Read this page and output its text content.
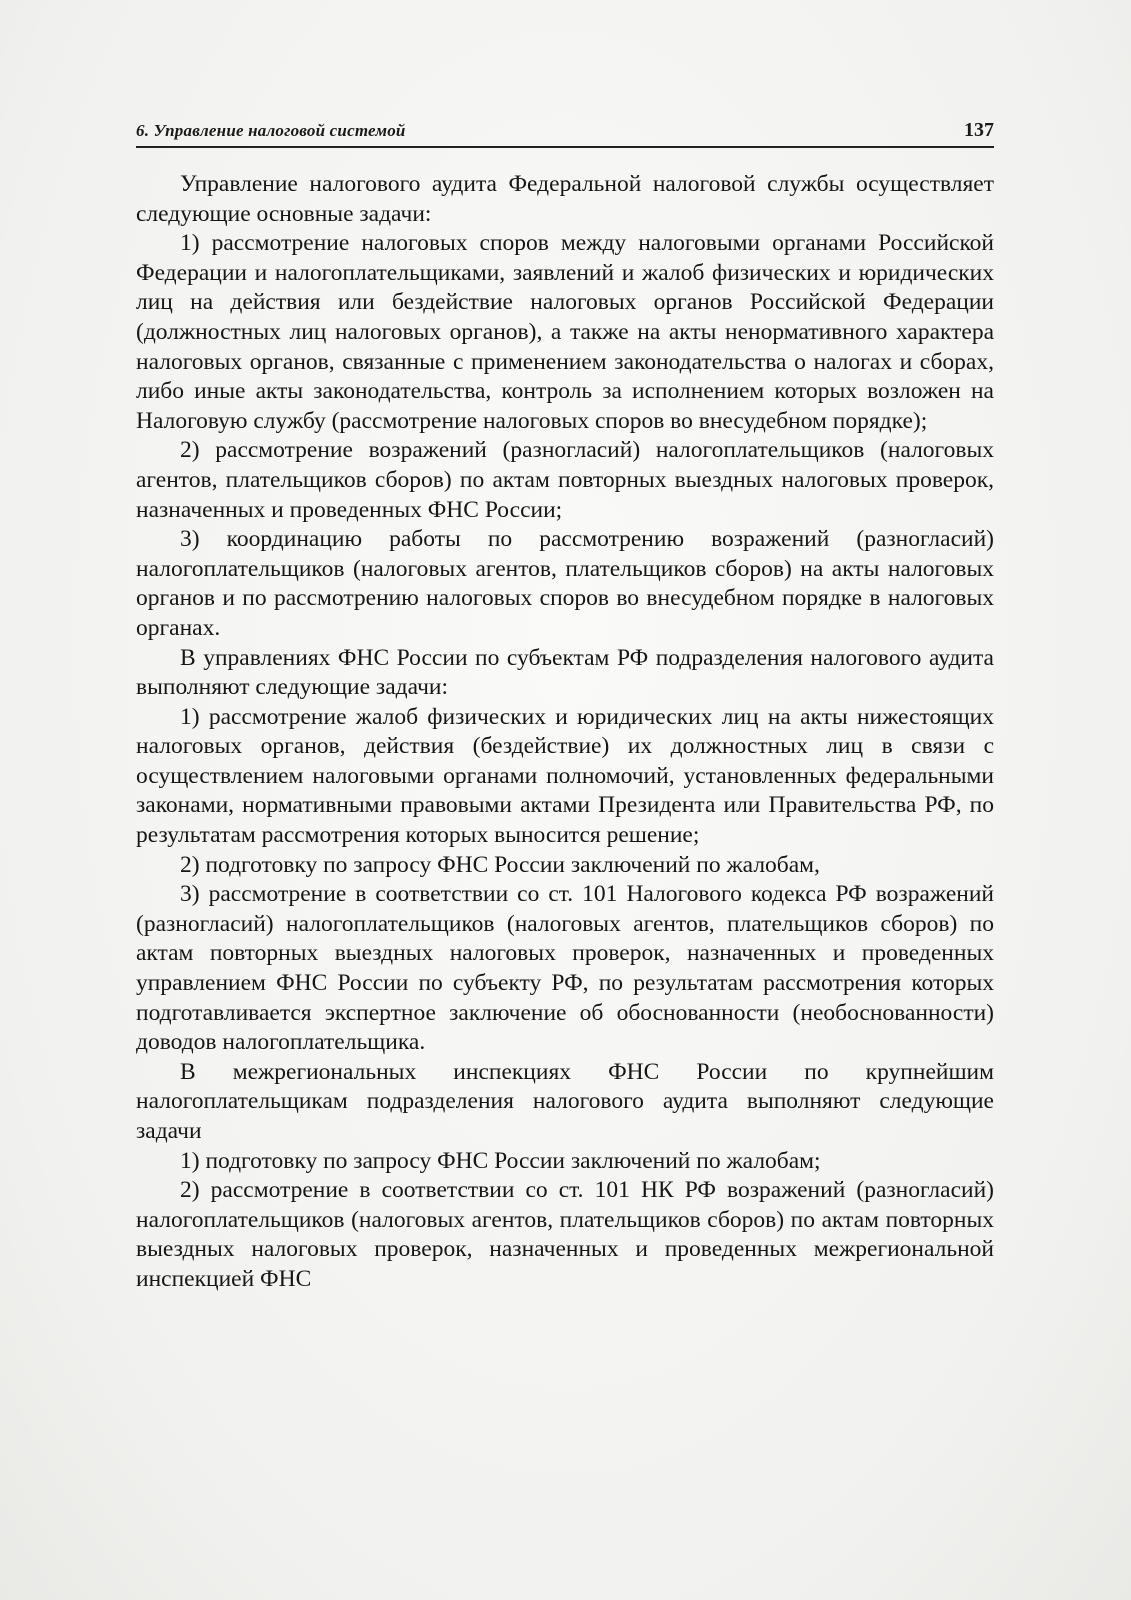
6. Управление налоговой системой	137

Управление налогового аудита Федеральной налоговой службы осуществляет следующие основные задачи:

1) рассмотрение налоговых споров между налоговыми органами Российской Федерации и налогоплательщиками, заявлений и жалоб физических и юридических лиц на действия или бездействие налоговых органов Российской Федерации (должностных лиц налоговых органов), а также на акты ненормативного характера налоговых органов, связанные с применением законодательства о налогах и сборах, либо иные акты законодательства, контроль за исполнением которых возложен на Налоговую службу (рассмотрение налоговых споров во внесудебном порядке);

2) рассмотрение возражений (разногласий) налогоплательщиков (налоговых агентов, плательщиков сборов) по актам повторных выездных налоговых проверок, назначенных и проведенных ФНС России;

3) координацию работы по рассмотрению возражений (разногласий) налогоплательщиков (налоговых агентов, плательщиков сборов) на акты налоговых органов и по рассмотрению налоговых споров во внесудебном порядке в налоговых органах.

В управлениях ФНС России по субъектам РФ подразделения налогового аудита выполняют следующие задачи:

1) рассмотрение жалоб физических и юридических лиц на акты нижестоящих налоговых органов, действия (бездействие) их должностных лиц в связи с осуществлением налоговыми органами полномочий, установленных федеральными законами, нормативными правовыми актами Президента или Правительства РФ, по результатам рассмотрения которых выносится решение;

2) подготовку по запросу ФНС России заключений по жалобам,

3) рассмотрение в соответствии со ст. 101 Налогового кодекса РФ возражений (разногласий) налогоплательщиков (налоговых агентов, плательщиков сборов) по актам повторных выездных налоговых проверок, назначенных и проведенных управлением ФНС России по субъекту РФ, по результатам рассмотрения которых подготавливается экспертное заключение об обоснованности (необоснованности) доводов налогоплательщика.

В межрегиональных инспекциях ФНС России по крупнейшим налогоплательщикам подразделения налогового аудита выполняют следующие задачи

1) подготовку по запросу ФНС России заключений по жалобам;

2) рассмотрение в соответствии со ст. 101 НК РФ возражений (разногласий) налогоплательщиков (налоговых агентов, плательщиков сборов) по актам повторных выездных налоговых проверок, назначенных и проведенных межрегиональной инспекцией ФНС
